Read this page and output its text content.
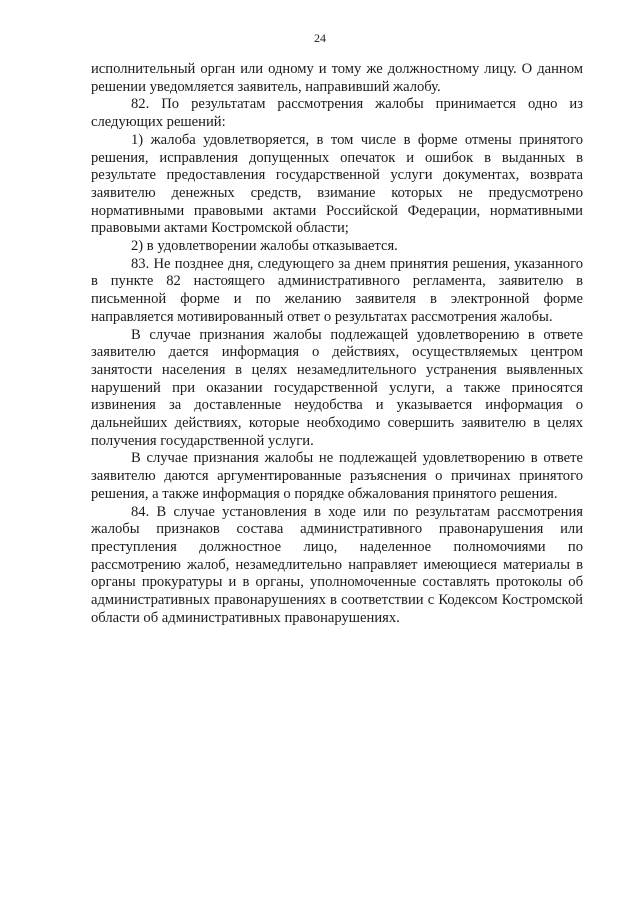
24

исполнительный орган или одному и тому же должностному лицу. О данном решении уведомляется заявитель, направивший жалобу.

82. По результатам рассмотрения жалобы принимается одно из следующих решений:

1) жалоба удовлетворяется, в том числе в форме отмены принятого решения, исправления допущенных опечаток и ошибок в выданных в результате предоставления государственной услуги документах, возврата заявителю денежных средств, взимание которых не предусмотрено нормативными правовыми актами Российской Федерации, нормативными правовыми актами Костромской области;

2) в удовлетворении жалобы отказывается.

83. Не позднее дня, следующего за днем принятия решения, указанного в пункте 82 настоящего административного регламента, заявителю в письменной форме и по желанию заявителя в электронной форме направляется мотивированный ответ о результатах рассмотрения жалобы.

В случае признания жалобы подлежащей удовлетворению в ответе заявителю дается информация о действиях, осуществляемых центром занятости населения в целях незамедлительного устранения выявленных нарушений при оказании государственной услуги, а также приносятся извинения за доставленные неудобства и указывается информация о дальнейших действиях, которые необходимо совершить заявителю в целях получения государственной услуги.

В случае признания жалобы не подлежащей удовлетворению в ответе заявителю даются аргументированные разъяснения о причинах принятого решения, а также информация о порядке обжалования принятого решения.

84. В случае установления в ходе или по результатам рассмотрения жалобы признаков состава административного правонарушения или преступления должностное лицо, наделенное полномочиями по рассмотрению жалоб, незамедлительно направляет имеющиеся материалы в органы прокуратуры и в органы, уполномоченные составлять протоколы об административных правонарушениях в соответствии с Кодексом Костромской области об административных правонарушениях.
